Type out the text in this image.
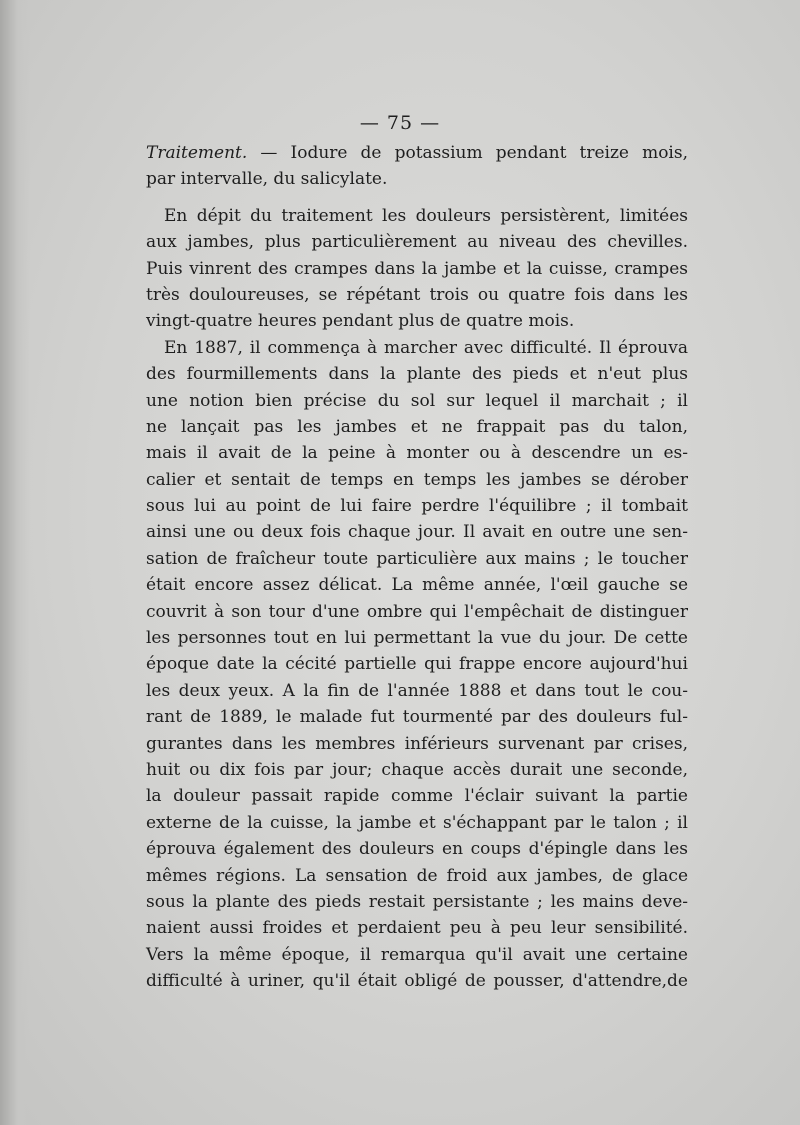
— 75 —
Traitement. — Iodure de potassium pendant treize mois,
par intervalle, du salicylate.
En dépit du traitement les douleurs persistèrent, limitées
aux jambes, plus particulièrement au niveau des chevilles.
Puis vinrent des crampes dans la jambe et la cuisse, crampes
très douloureuses, se répétant trois ou quatre fois dans les
vingt-quatre heures pendant plus de quatre mois.
En 1887, il commença à marcher avec difficulté. Il éprouva
des fourmillements dans la plante des pieds et n'eut plus
une notion bien précise du sol sur lequel il marchait ; il
ne lançait pas les jambes et ne frappait pas du talon,
mais il avait de la peine à monter ou à descendre un es-
calier et sentait de temps en temps les jambes se dérober
sous lui au point de lui faire perdre l'équilibre ; il tombait
ainsi une ou deux fois chaque jour. Il avait en outre une sen-
sation de fraîcheur toute particulière aux mains ; le toucher
était encore assez délicat. La même année, l'œil gauche se
couvrit à son tour d'une ombre qui l'empêchait de distinguer
les personnes tout en lui permettant la vue du jour. De cette
époque date la cécité partielle qui frappe encore aujourd'hui
les deux yeux. A la fin de l'année 1888 et dans tout le cou-
rant de 1889, le malade fut tourmenté par des douleurs ful-
gurantes dans les membres inférieurs survenant par crises,
huit ou dix fois par jour; chaque accès durait une seconde,
la douleur passait rapide comme l'éclair suivant la partie
externe de la cuisse, la jambe et s'échappant par le talon ; il
éprouva également des douleurs en coups d'épingle dans les
mêmes régions. La sensation de froid aux jambes, de glace
sous la plante des pieds restait persistante ; les mains deve-
naient aussi froides et perdaient peu à peu leur sensibilité.
Vers la même époque, il remarqua qu'il avait une certaine
difficulté à uriner, qu'il était obligé de pousser, d'attendre,de
